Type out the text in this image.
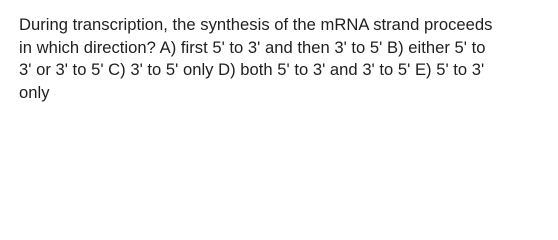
During transcription, the synthesis of the mRNA strand proceeds
in which direction? A) first 5' to 3' and then 3' to 5' B) either 5' to
3' or 3' to 5' C) 3' to 5' only D) both 5' to 3' and 3' to 5' E) 5' to 3'
only
